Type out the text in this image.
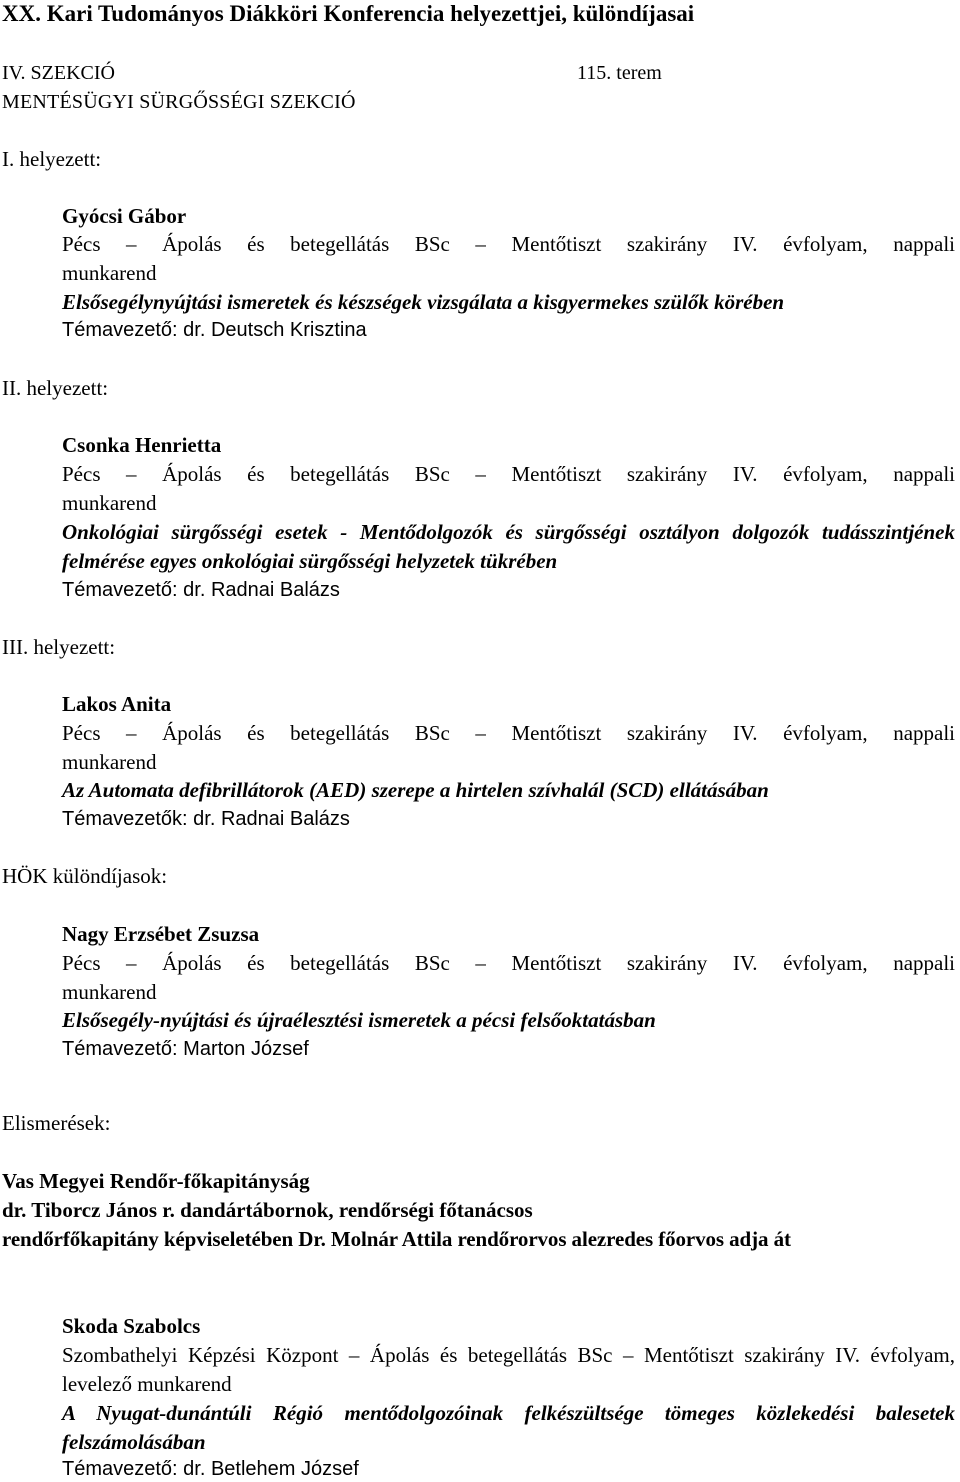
XX. Kari Tudományos Diákköri Konferencia helyezettjei, különdíjasai
IV. SZEKCIÓ	115. terem
MENTÉSÜGYI SÜRGŐSSÉGI SZEKCIÓ
I. helyezett:
Gyócsi Gábor
Pécs – Ápolás és betegellátás BSc – Mentőtiszt szakirány IV. évfolyam, nappali
munkarend
Elsősegélynyújtási ismeretek és készségek vizsgálata a kisgyermekes szülők körében
Témavezető: dr. Deutsch Krisztina
II. helyezett:
Csonka Henrietta
Pécs – Ápolás és betegellátás BSc – Mentőtiszt szakirány IV. évfolyam, nappali
munkarend
Onkológiai sürgősségi esetek - Mentődolgozók és sürgősségi osztályon dolgozók tudásszintjének felmérése egyes onkológiai sürgősségi helyzetek tükrében
Témavezető: dr. Radnai Balázs
III. helyezett:
Lakos Anita
Pécs – Ápolás és betegellátás BSc – Mentőtiszt szakirány IV. évfolyam, nappali
munkarend
Az Automata defibrillátorok (AED) szerepe a hirtelen szívhalál (SCD) ellátásában
Témavezetők: dr. Radnai Balázs
HÖK különdíjasok:
Nagy Erzsébet Zsuzsa
Pécs – Ápolás és betegellátás BSc – Mentőtiszt szakirány IV. évfolyam, nappali
munkarend
Elsősegély-nyújtási és újraélesztési ismeretek a pécsi felsőoktatásban
Témavezető: Marton József
Elismerések:
Vas Megyei Rendőr-főkapitányság
dr. Tiborcz János r. dandártábornok, rendőrségi főtanácsos
rendőrfőkapitány képviseletében Dr. Molnár Attila rendőrorvos alezredes főorvos adja át
Skoda Szabolcs
Szombathelyi Képzési Központ – Ápolás és betegellátás BSc – Mentőtiszt szakirány IV. évfolyam, levelező munkarend
A Nyugat-dunántúli Régió mentődolgozóinak felkészültsége tömeges közlekedési balesetek felszámolásában
Témavezető: dr. Betlehem József
